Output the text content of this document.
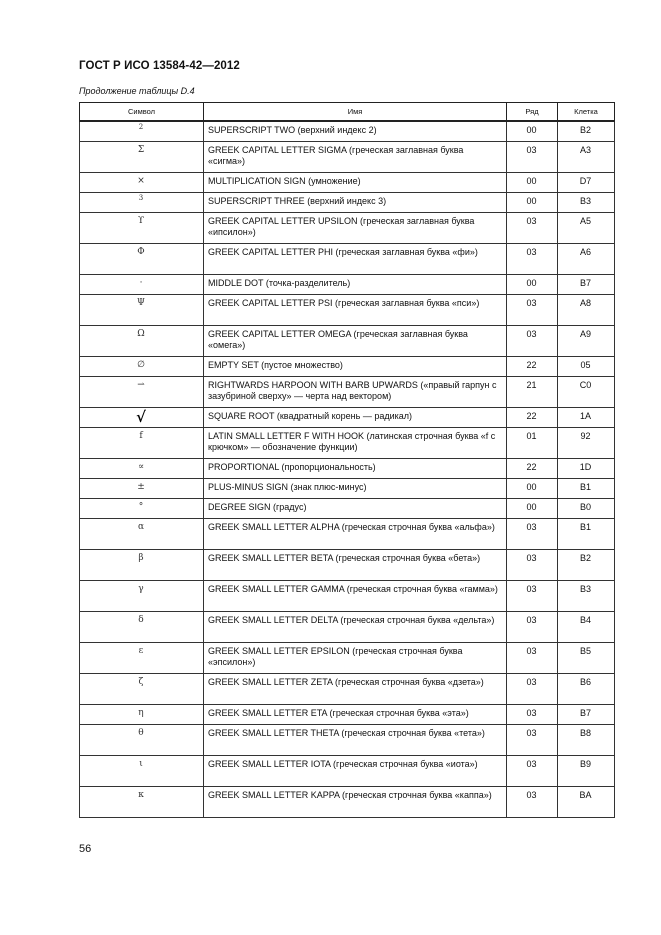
ГОСТ Р ИСО 13584-42—2012
Продолжение таблицы D.4
Символ	Имя	Ряд	Клетка
2	SUPERSCRIPT TWO (верхний индекс 2)	00	B2
Σ	GREEK CAPITAL LETTER SIGMA (греческая заглавная буква «сигма»)	03	A3
×	MULTIPLICATION SIGN (умножение)	00	D7
3	SUPERSCRIPT THREE (верхний индекс 3)	00	B3
ϒ	GREEK CAPITAL LETTER UPSILON (греческая заглавная буква «ипсилон»)	03	A5
Φ	GREEK CAPITAL LETTER PHI (греческая заглавная буква «фи»)	03	A6
·	MIDDLE DOT (точка-разделитель)	00	B7
Ψ	GREEK CAPITAL LETTER PSI (греческая заглавная буква «пси»)	03	A8
Ω	GREEK CAPITAL LETTER OMEGA (греческая заглавная буква «омега»)	03	A9
∅	EMPTY SET (пустое множество)	22	05
⇀	RIGHTWARDS HARPOON WITH BARB UPWARDS («правый гарпун с зазубриной сверху» — черта над вектором)	21	C0
√	SQUARE ROOT (квадратный корень — радикал)	22	1A
f	LATIN SMALL LETTER F WITH HOOK (латинская строчная буква «f с крючком» — обозначение функции)	01	92
∝	PROPORTIONAL (пропорциональность)	22	1D
±	PLUS-MINUS SIGN (знак плюс-минус)	00	B1
°	DEGREE SIGN (градус)	00	B0
α	GREEK SMALL LETTER ALPHA (греческая строчная буква «альфа»)	03	B1
β	GREEK SMALL LETTER BETA (греческая строчная буква «бета»)	03	B2
γ	GREEK SMALL LETTER GAMMA (греческая строчная буква «гамма»)	03	B3
δ	GREEK SMALL LETTER DELTA (греческая строчная буква «дельта»)	03	B4
ε	GREEK SMALL LETTER EPSILON (греческая строчная буква «эпсилон»)	03	B5
ζ	GREEK SMALL LETTER ZETA (греческая строчная буква «дзета»)	03	B6
η	GREEK SMALL LETTER ETA (греческая строчная буква «эта»)	03	B7
θ	GREEK SMALL LETTER THETA (греческая строчная буква «тета»)	03	B8
ι	GREEK SMALL LETTER IOTA (греческая строчная буква «иота»)	03	B9
κ	GREEK SMALL LETTER KAPPA (греческая строчная буква «каппа»)	03	BA
56
